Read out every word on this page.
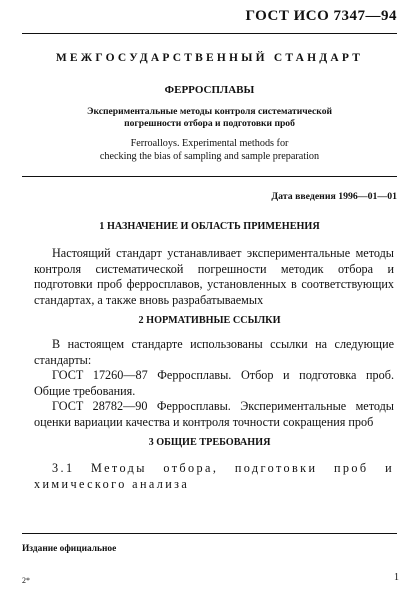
ГОСТ ИСО 7347—94
МЕЖГОСУДАРСТВЕННЫЙ СТАНДАРТ
ФЕРРОСПЛАВЫ
Экспериментальные методы контроля систематической
погрешности отбора и подготовки проб
Ferroalloys. Experimental methods for
checking the bias of sampling and sample preparation
Дата введения 1996—01—01
1 НАЗНАЧЕНИЕ И ОБЛАСТЬ ПРИМЕНЕНИЯ
Настоящий стандарт устанавливает экспериментальные методы контроля систематической погрешности методик отбора и подготовки проб ферросплавов, установленных в соответствующих стандартах, а также вновь разрабатываемых
2 НОРМАТИВНЫЕ ССЫЛКИ
В настоящем стандарте использованы ссылки на следующие стандарты:
ГОСТ 17260—87 Ферросплавы. Отбор и подготовка проб. Общие требования.
ГОСТ 28782—90 Ферросплавы. Экспериментальные методы оценки вариации качества и контроля точности сокращения проб
3 ОБЩИЕ ТРЕБОВАНИЯ
3.1 Методы отбора, подготовки проб и химического анализа
Издание официальное
2*	1
